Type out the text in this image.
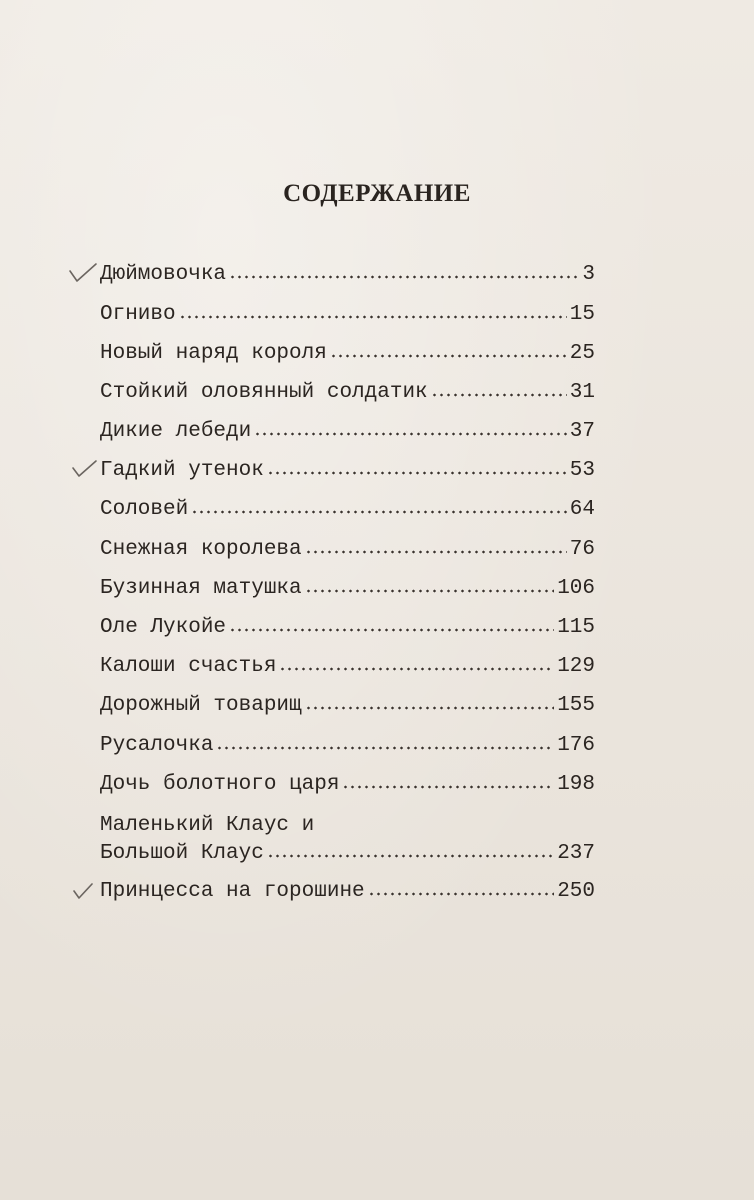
СОДЕРЖАНИЕ
Дюймовочка	3
Огниво	15
Новый наряд короля	25
Стойкий оловянный солдатик	31
Дикие лебеди	37
Гадкий утенок	53
Соловей	64
Снежная королева	76
Бузинная матушка	106
Оле Лукойе	115
Калоши счастья	129
Дорожный товарищ	155
Русалочка	176
Дочь болотного царя	198
Маленький Клаус и
Большой Клаус	237
Принцесса на горошине	250
